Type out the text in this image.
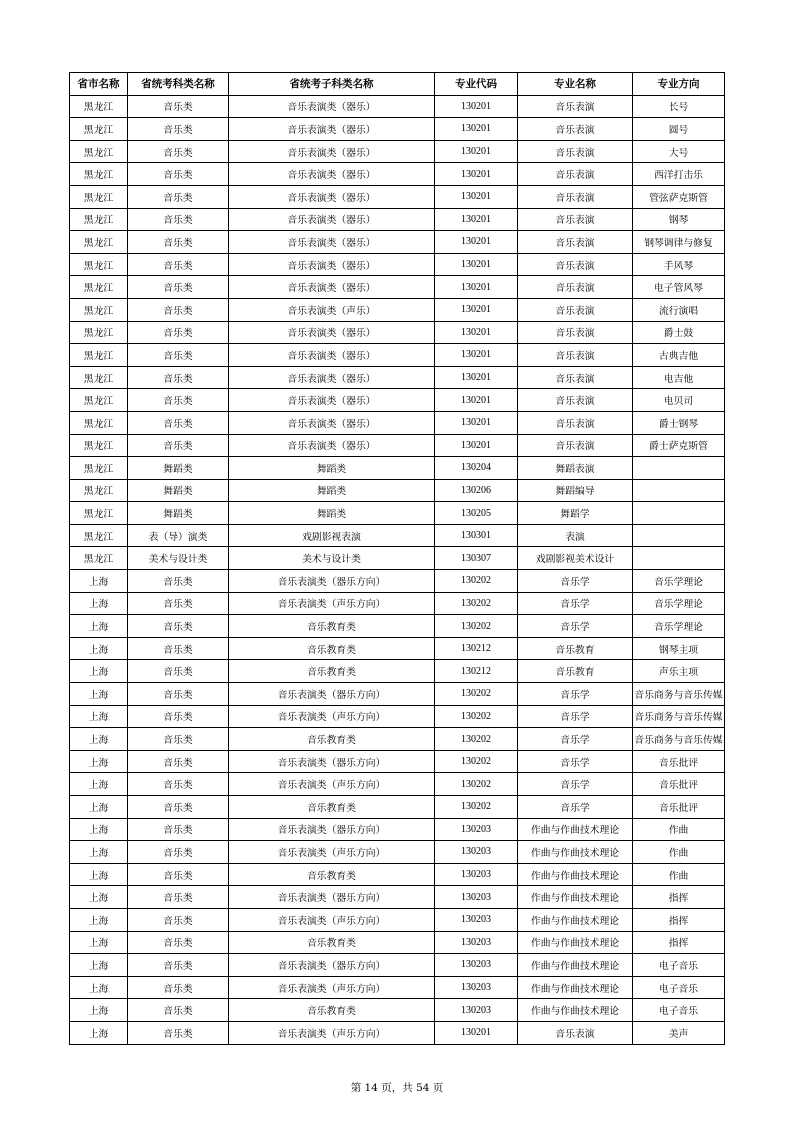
省市名称	省统考科类名称	省统考子科类名称	专业代码	专业名称	专业方向
黑龙江	音乐类	音乐表演类（器乐）	130201	音乐表演	长号
黑龙江	音乐类	音乐表演类（器乐）	130201	音乐表演	圆号
黑龙江	音乐类	音乐表演类（器乐）	130201	音乐表演	大号
黑龙江	音乐类	音乐表演类（器乐）	130201	音乐表演	西洋打击乐
黑龙江	音乐类	音乐表演类（器乐）	130201	音乐表演	管弦萨克斯管
黑龙江	音乐类	音乐表演类（器乐）	130201	音乐表演	钢琴
黑龙江	音乐类	音乐表演类（器乐）	130201	音乐表演	钢琴调律与修复
黑龙江	音乐类	音乐表演类（器乐）	130201	音乐表演	手风琴
黑龙江	音乐类	音乐表演类（器乐）	130201	音乐表演	电子管风琴
黑龙江	音乐类	音乐表演类（声乐）	130201	音乐表演	流行演唱
黑龙江	音乐类	音乐表演类（器乐）	130201	音乐表演	爵士鼓
黑龙江	音乐类	音乐表演类（器乐）	130201	音乐表演	古典吉他
黑龙江	音乐类	音乐表演类（器乐）	130201	音乐表演	电吉他
黑龙江	音乐类	音乐表演类（器乐）	130201	音乐表演	电贝司
黑龙江	音乐类	音乐表演类（器乐）	130201	音乐表演	爵士钢琴
黑龙江	音乐类	音乐表演类（器乐）	130201	音乐表演	爵士萨克斯管
黑龙江	舞蹈类	舞蹈类	130204	舞蹈表演	
黑龙江	舞蹈类	舞蹈类	130206	舞蹈编导	
黑龙江	舞蹈类	舞蹈类	130205	舞蹈学	
黑龙江	表（导）演类	戏剧影视表演	130301	表演	
黑龙江	美术与设计类	美术与设计类	130307	戏剧影视美术设计	
上海	音乐类	音乐表演类（器乐方向）	130202	音乐学	音乐学理论
上海	音乐类	音乐表演类（声乐方向）	130202	音乐学	音乐学理论
上海	音乐类	音乐教育类	130202	音乐学	音乐学理论
上海	音乐类	音乐教育类	130212	音乐教育	钢琴主项
上海	音乐类	音乐教育类	130212	音乐教育	声乐主项
上海	音乐类	音乐表演类（器乐方向）	130202	音乐学	音乐商务与音乐传媒
上海	音乐类	音乐表演类（声乐方向）	130202	音乐学	音乐商务与音乐传媒
上海	音乐类	音乐教育类	130202	音乐学	音乐商务与音乐传媒
上海	音乐类	音乐表演类（器乐方向）	130202	音乐学	音乐批评
上海	音乐类	音乐表演类（声乐方向）	130202	音乐学	音乐批评
上海	音乐类	音乐教育类	130202	音乐学	音乐批评
上海	音乐类	音乐表演类（器乐方向）	130203	作曲与作曲技术理论	作曲
上海	音乐类	音乐表演类（声乐方向）	130203	作曲与作曲技术理论	作曲
上海	音乐类	音乐教育类	130203	作曲与作曲技术理论	作曲
上海	音乐类	音乐表演类（器乐方向）	130203	作曲与作曲技术理论	指挥
上海	音乐类	音乐表演类（声乐方向）	130203	作曲与作曲技术理论	指挥
上海	音乐类	音乐教育类	130203	作曲与作曲技术理论	指挥
上海	音乐类	音乐表演类（器乐方向）	130203	作曲与作曲技术理论	电子音乐
上海	音乐类	音乐表演类（声乐方向）	130203	作曲与作曲技术理论	电子音乐
上海	音乐类	音乐教育类	130203	作曲与作曲技术理论	电子音乐
上海	音乐类	音乐表演类（声乐方向）	130201	音乐表演	美声
第 14 页，共 54 页
